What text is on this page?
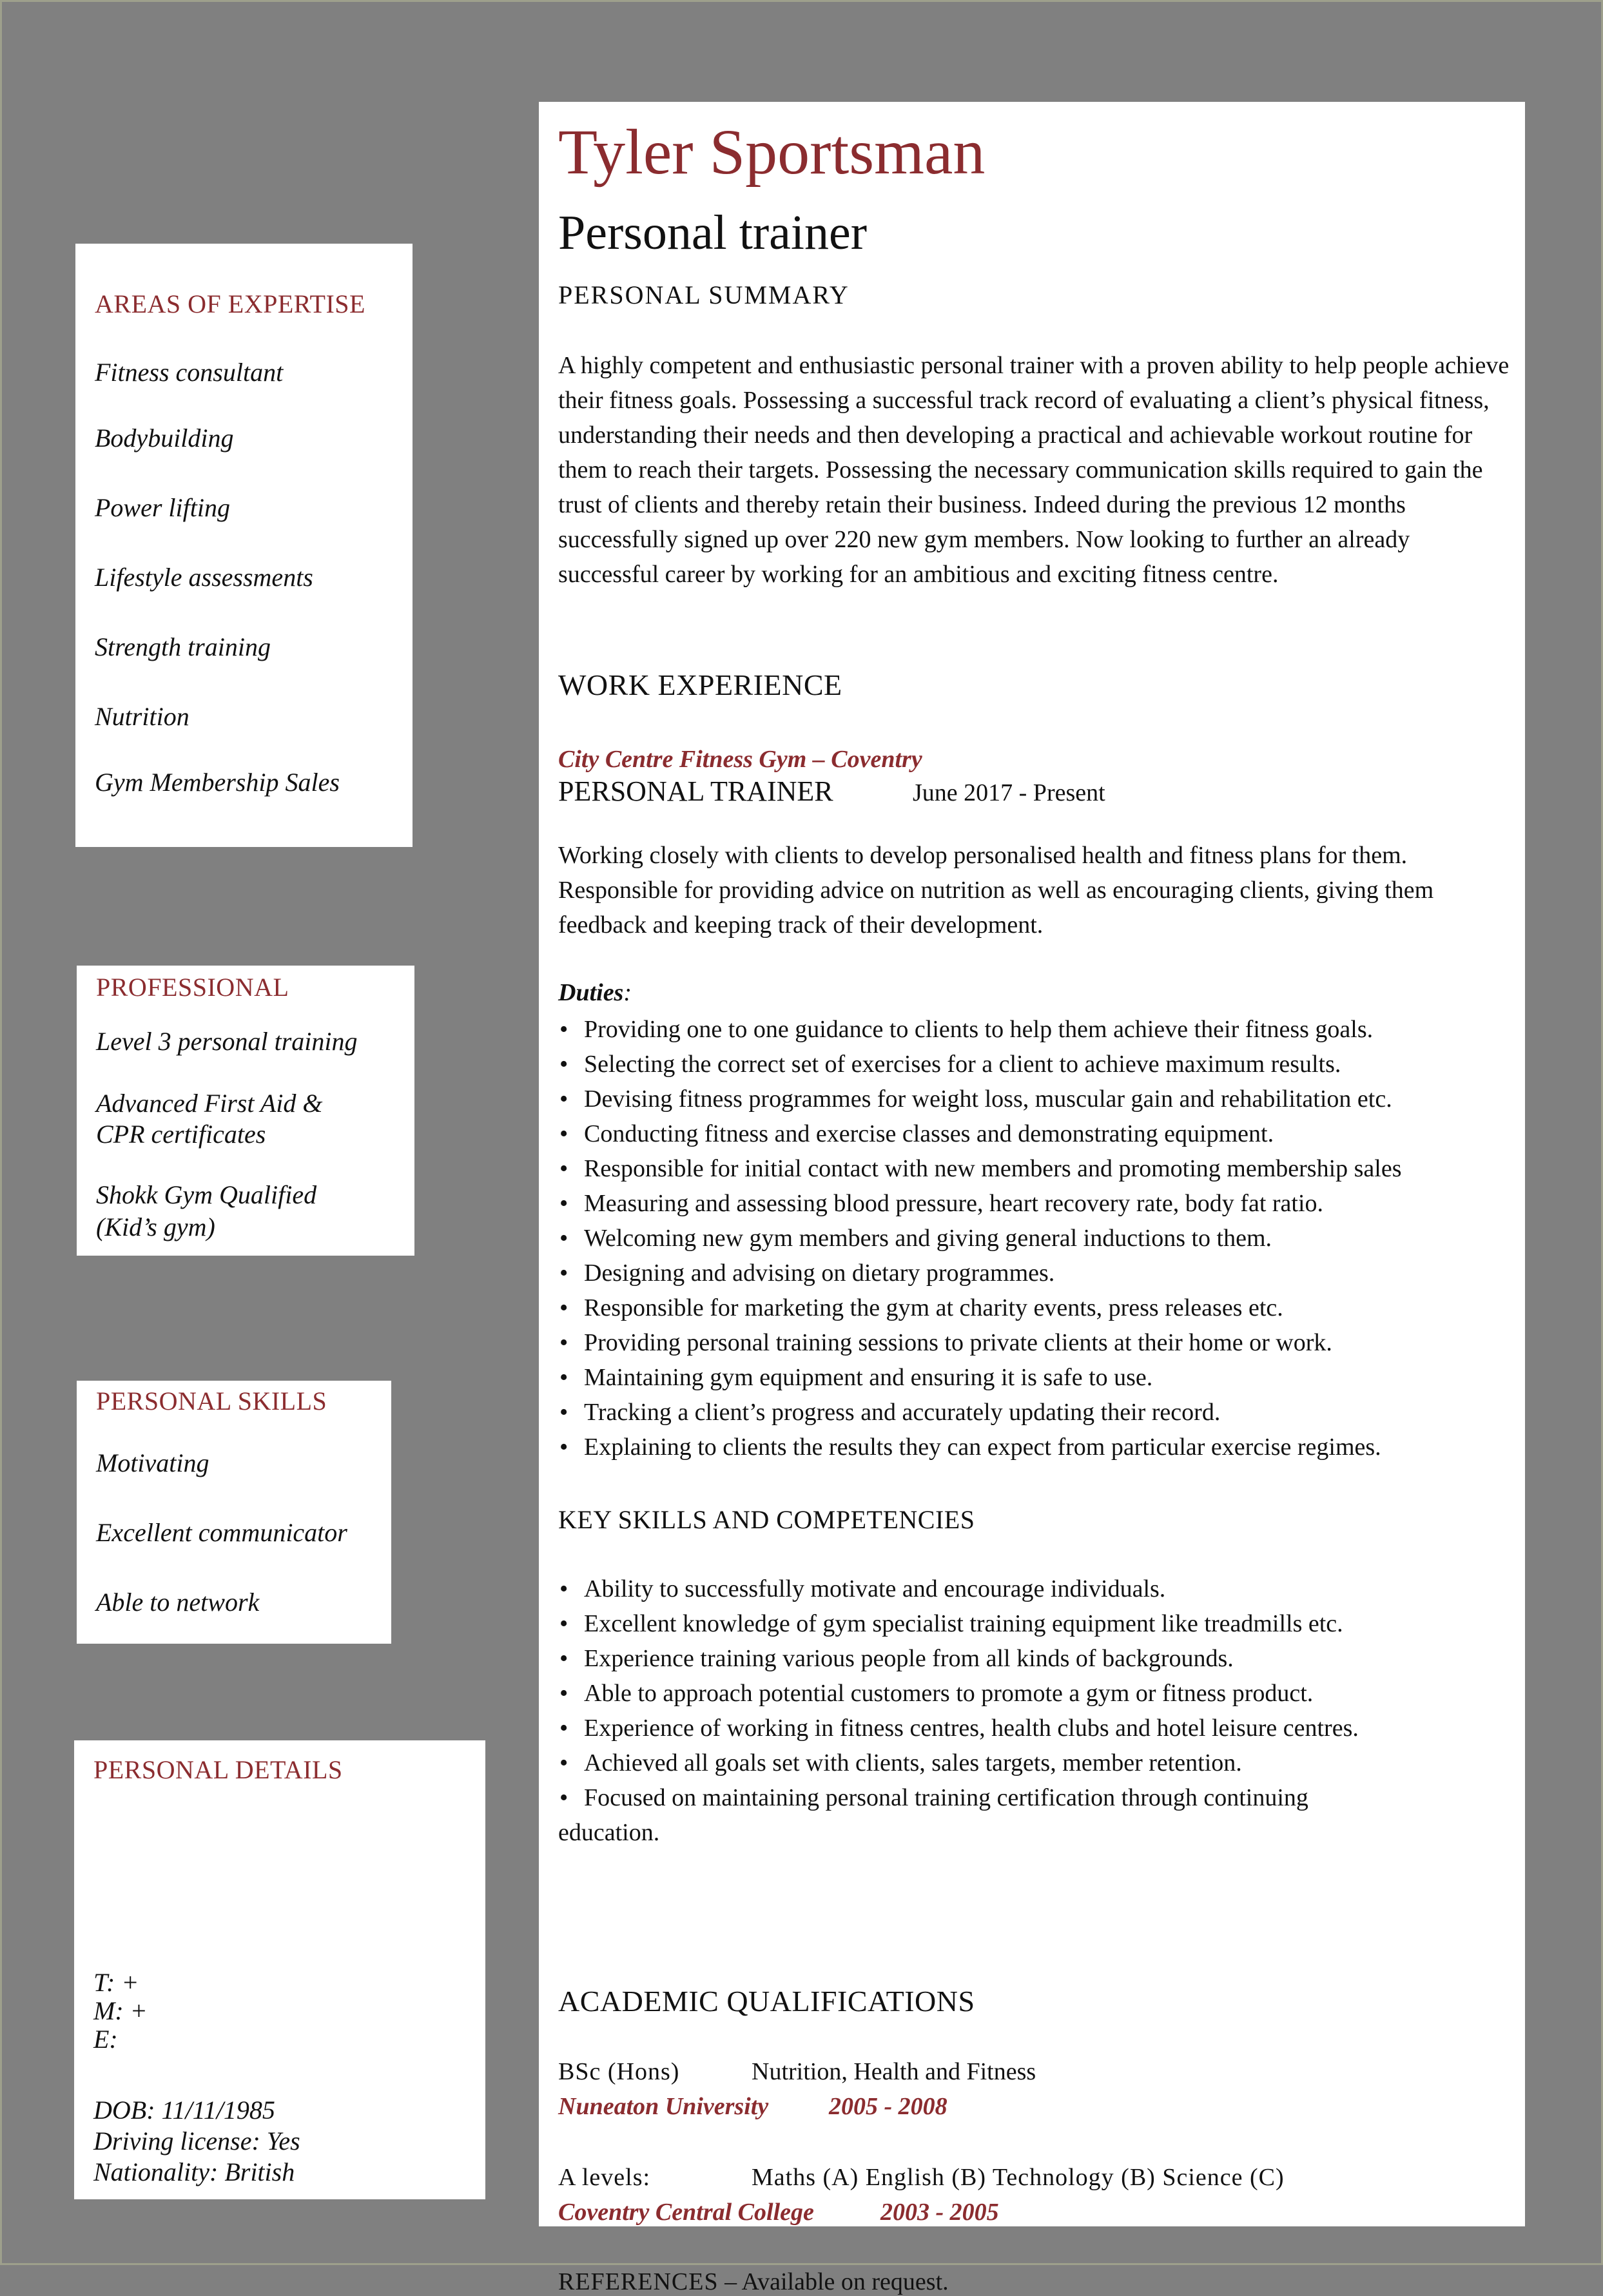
AREAS OF EXPERTISE
Fitness consultant
Bodybuilding
Power lifting
Lifestyle assessments
Strength training
Nutrition
Gym Membership Sales
PROFESSIONAL
Level 3 personal training
Advanced First Aid &
CPR certificates
Shokk Gym Qualified
(Kid’s gym)
PERSONAL SKILLS
Motivating
Excellent communicator
Able to network
PERSONAL DETAILS
T: +
M: +
E:
DOB: 11/11/1985
Driving license: Yes
Nationality: British
Tyler Sportsman
Personal trainer
PERSONAL SUMMARY
A highly competent and enthusiastic personal trainer with a proven ability to help people achieve their fitness goals. Possessing a successful track record of evaluating a client’s physical fitness, understanding their needs and then developing a practical and achievable workout routine for them to reach their targets. Possessing the necessary communication skills required to gain the trust of clients and thereby retain their business. Indeed during the previous 12 months successfully signed up over 220 new gym members. Now looking to further an already successful career by working for an ambitious and exciting fitness centre.
WORK EXPERIENCE
City Centre Fitness Gym – Coventry
PERSONAL TRAINER	June 2017 - Present
Working closely with clients to develop personalised health and fitness plans for them. Responsible for providing advice on nutrition as well as encouraging clients, giving them feedback and keeping track of their development.
Duties:
• Providing one to one guidance to clients to help them achieve their fitness goals.
• Selecting the correct set of exercises for a client to achieve maximum results.
• Devising fitness programmes for weight loss, muscular gain and rehabilitation etc.
• Conducting fitness and exercise classes and demonstrating equipment.
• Responsible for initial contact with new members and promoting membership sales
• Measuring and assessing blood pressure, heart recovery rate, body fat ratio.
• Welcoming new gym members and giving general inductions to them.
• Designing and advising on dietary programmes.
• Responsible for marketing the gym at charity events, press releases etc.
• Providing personal training sessions to private clients at their home or work.
• Maintaining gym equipment and ensuring it is safe to use.
• Tracking a client’s progress and accurately updating their record.
• Explaining to clients the results they can expect from particular exercise regimes.
KEY SKILLS AND COMPETENCIES
• Ability to successfully motivate and encourage individuals.
• Excellent knowledge of gym specialist training equipment like treadmills etc.
• Experience training various people from all kinds of backgrounds.
• Able to approach potential customers to promote a gym or fitness product.
• Experience of working in fitness centres, health clubs and hotel leisure centres.
• Achieved all goals set with clients, sales targets, member retention.
• Focused on maintaining personal training certification through continuing
education.
ACADEMIC QUALIFICATIONS
BSc (Hons)	Nutrition, Health and Fitness
Nuneaton University 2005 - 2008
A levels:	Maths (A) English (B) Technology (B) Science (C)
Coventry Central College	2003 - 2005
REFERENCES – Available on request.
